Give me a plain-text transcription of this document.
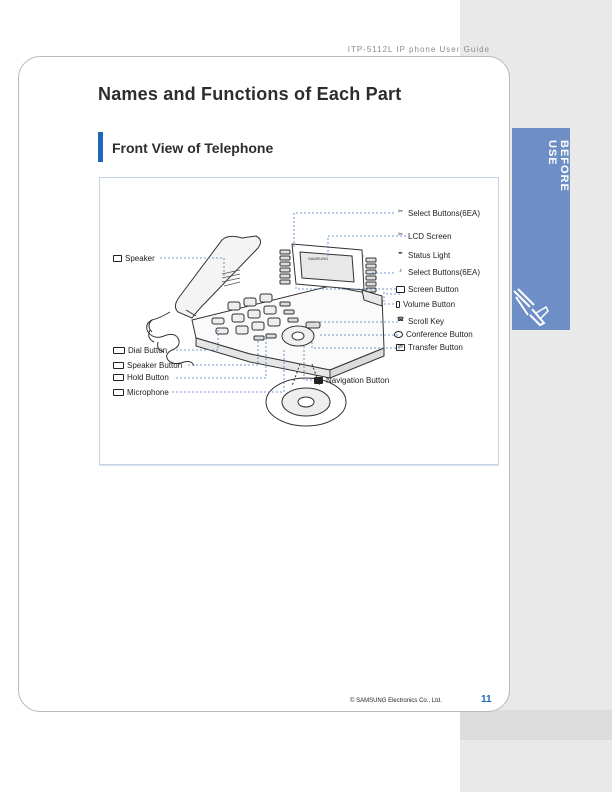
ITP-5112L IP phone User Guide
BEFORE USE
Names and Functions of Each Part
Front View of Telephone
SAMSUNG
✂ Select Buttons(6EA)
✂ LCD Screen
✒ Status Light
♪ Select Buttons(6EA)
Screen Button
Volume Button
☎ Scroll Key
Conference Button
✉ Transfer Button
Navigation Button
Speaker
Dial Button
Speaker Button
Hold Button
Microphone
© SAMSUNG Electronics Co., Ltd.	11
